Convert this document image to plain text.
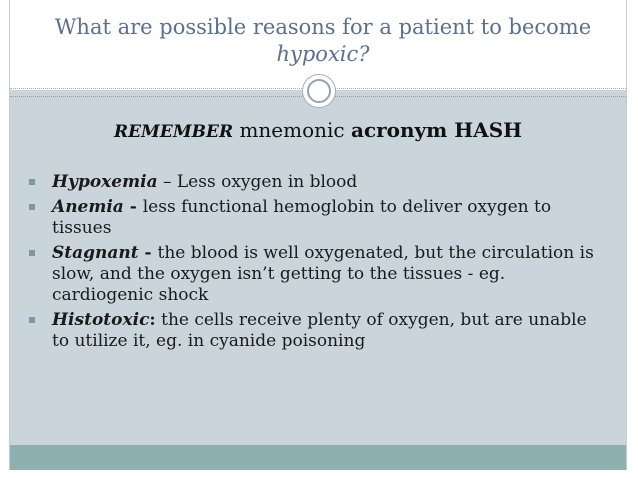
What are possible reasons for a patient to become
hypoxic?
REMEMBER mnemonic acronym HASH
Hypoxemia – Less oxygen in blood
Anemia - less functional hemoglobin to deliver oxygen to tissues
Stagnant - the blood is well oxygenated, but the circulation is slow, and the oxygen isn’t getting to the tissues - eg. cardiogenic shock
Histotoxic: the cells receive plenty of oxygen, but are unable to utilize it, eg. in cyanide poisoning
